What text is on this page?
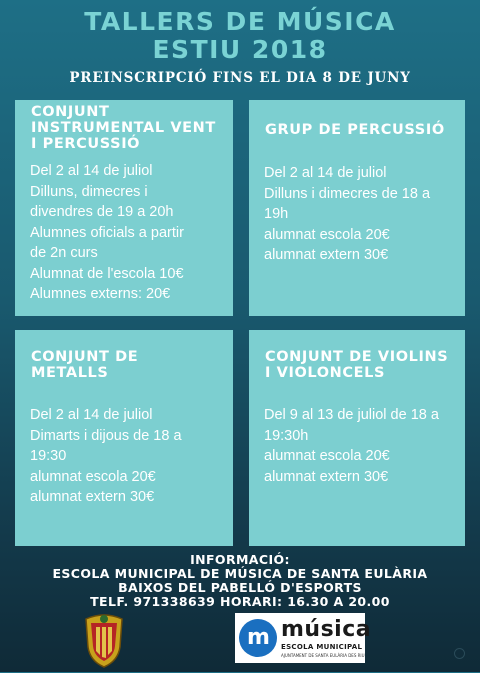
TALLERS DE MÚSICA
ESTIU 2018
PREINSCRIPCIÓ FINS EL DIA 8 DE JUNY
CONJUNT
INSTRUMENTAL VENT
I PERCUSSIÓ
Del 2 al 14 de juliol
Dilluns, dimecres i
divendres de 19 a 20h
Alumnes oficials a partir
de 2n curs
Alumnat de l'escola 10€
Alumnes externs: 20€
GRUP DE PERCUSSIÓ
Del 2 al 14 de juliol
Dilluns i dimecres de 18 a
19h
alumnat escola 20€
alumnat extern 30€
CONJUNT DE
METALLS
Del 2 al 14 de juliol
Dimarts i dijous de 18 a
19:30
alumnat escola 20€
alumnat extern 30€
CONJUNT DE VIOLINS
I VIOLONCELS
Del 9 al 13 de juliol de 18 a
19:30h
alumnat escola 20€
alumnat extern 30€
INFORMACIÓ:
ESCOLA MUNICIPAL DE MÚSICA DE SANTA EULÀRIA
BAIXOS DEL PABELLÓ D'ESPORTS
TELF. 971338639 HORARI: 16.30 A 20.00
m música
ESCOLA MUNICIPAL
AJUNTAMENT DE SANTA EULÀRIA DES RIU
